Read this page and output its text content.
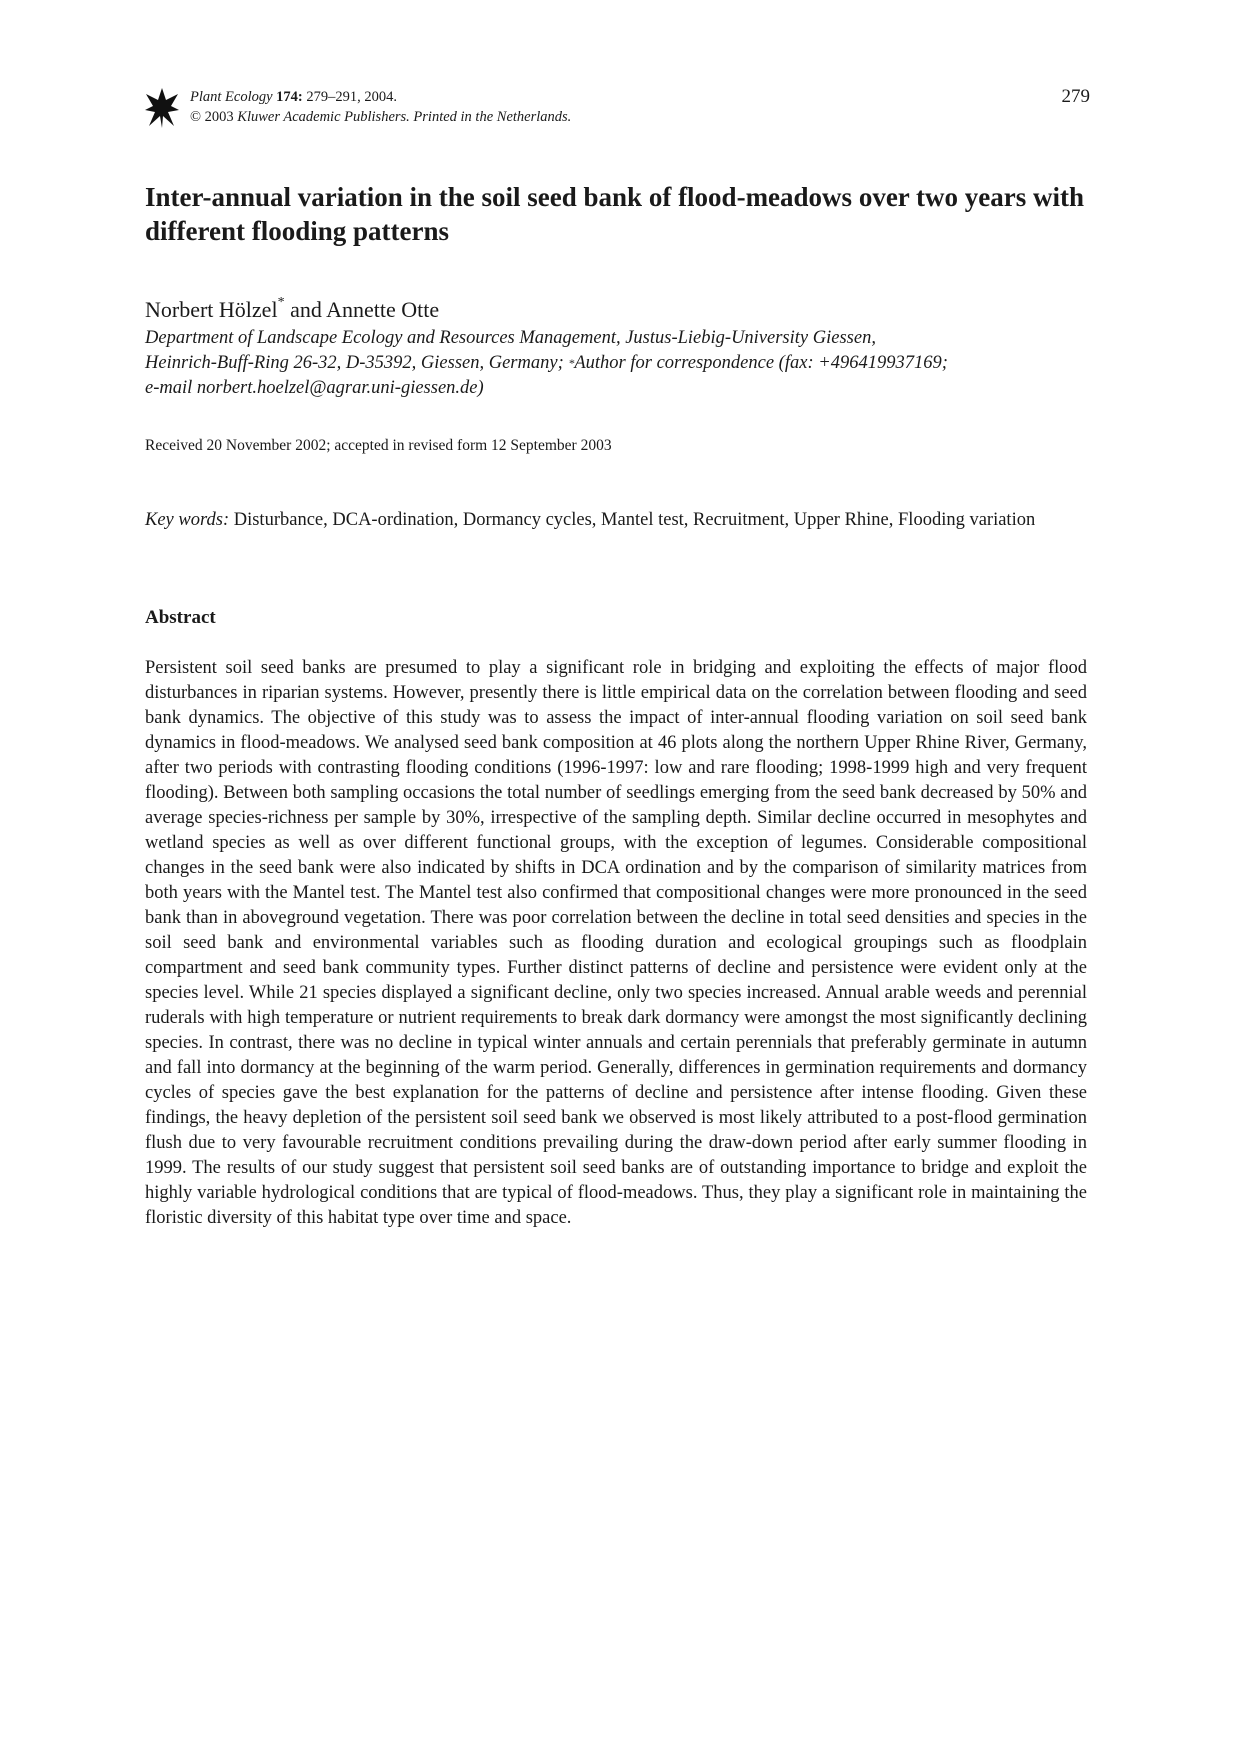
Plant Ecology 174: 279–291, 2004.
© 2003 Kluwer Academic Publishers. Printed in the Netherlands.
279
Inter-annual variation in the soil seed bank of flood-meadows over two years with different flooding patterns
Norbert Hölzel* and Annette Otte
Department of Landscape Ecology and Resources Management, Justus-Liebig-University Giessen,
Heinrich-Buff-Ring 26-32, D-35392, Giessen, Germany; *Author for correspondence (fax: +496419937169;
e-mail norbert.hoelzel@agrar.uni-giessen.de)
Received 20 November 2002; accepted in revised form 12 September 2003
Key words: Disturbance, DCA-ordination, Dormancy cycles, Mantel test, Recruitment, Upper Rhine, Flooding variation
Abstract

Persistent soil seed banks are presumed to play a significant role in bridging and exploiting the effects of major flood disturbances in riparian systems. However, presently there is little empirical data on the correlation between flooding and seed bank dynamics. The objective of this study was to assess the impact of inter-annual flooding variation on soil seed bank dynamics in flood-meadows. We analysed seed bank composition at 46 plots along the northern Upper Rhine River, Germany, after two periods with contrasting flooding conditions (1996-1997: low and rare flooding; 1998-1999 high and very frequent flooding). Between both sampling occasions the total number of seedlings emerging from the seed bank decreased by 50% and average species-richness per sample by 30%, irrespective of the sampling depth. Similar decline occurred in mesophytes and wetland species as well as over different functional groups, with the exception of legumes. Considerable compositional changes in the seed bank were also indicated by shifts in DCA ordination and by the comparison of similarity matrices from both years with the Mantel test. The Mantel test also confirmed that compositional changes were more pronounced in the seed bank than in aboveground vegetation. There was poor correlation between the decline in total seed densities and species in the soil seed bank and environmental variables such as flooding duration and ecological groupings such as floodplain compartment and seed bank community types. Further distinct patterns of decline and persistence were evident only at the species level. While 21 species displayed a significant decline, only two species increased. Annual arable weeds and perennial ruderals with high temperature or nutrient requirements to break dark dormancy were amongst the most significantly declining species. In contrast, there was no decline in typical winter annuals and certain perennials that preferably germinate in autumn and fall into dormancy at the beginning of the warm period. Generally, differences in germination requirements and dormancy cycles of species gave the best explanation for the patterns of decline and persistence after intense flooding. Given these findings, the heavy depletion of the persistent soil seed bank we observed is most likely attributed to a post-flood germination flush due to very favourable recruitment conditions prevailing during the draw-down period after early summer flooding in 1999. The results of our study suggest that persistent soil seed banks are of outstanding importance to bridge and exploit the highly variable hydrological conditions that are typical of flood-meadows. Thus, they play a significant role in maintaining the floristic diversity of this habitat type over time and space.
